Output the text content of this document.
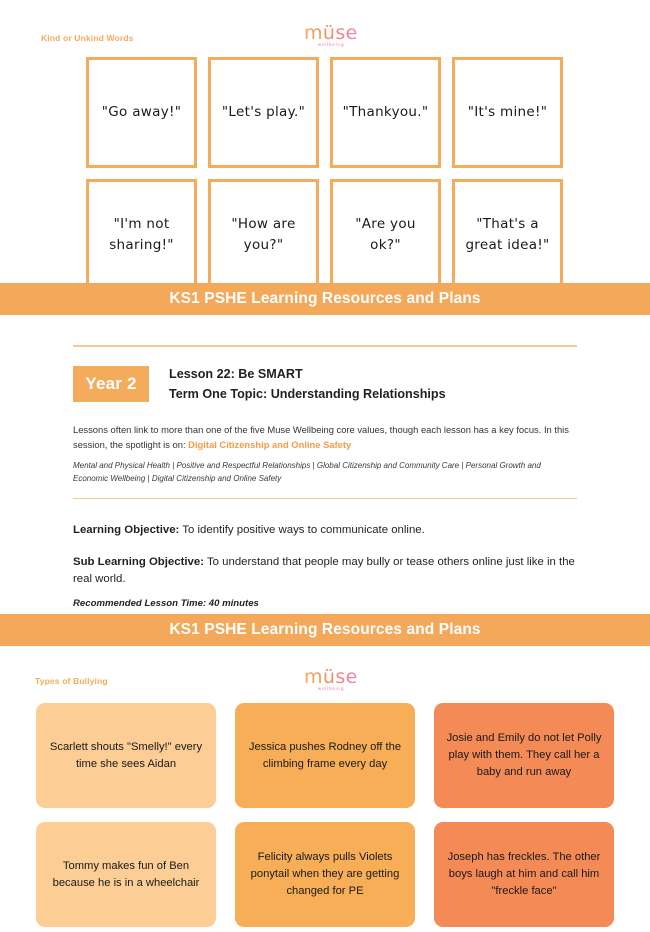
Kind or Unkind Words	müse
wellbeing
"Go away!"	"Let's play."	"Thankyou."	"It's mine!"
"I'm not sharing!"
"How are you?"
"Are you ok?"
"That's a great idea!"
KS1 PSHE Learning Resources and Plans
Year 2
Lesson 22: Be SMART
Term One Topic: Understanding Relationships
Lessons often link to more than one of the five Muse Wellbeing core values, though each lesson has a key focus. In this session, the spotlight is on: Digital Citizenship and Online Safety
Mental and Physical Health | Positive and Respectful Relationships | Global Citizenship and Community Care | Personal Growth and Economic Wellbeing | Digital Citizenship and Online Safety
Learning Objective: To identify positive ways to communicate online.
Sub Learning Objective: To understand that people may bully or tease others online just like in the real world.
Recommended Lesson Time: 40 minutes
KS1 PSHE Learning Resources and Plans
Types of Bullying	müse
wellbeing
Scarlett shouts "Smelly!" every time she sees Aidan
Jessica pushes Rodney off the climbing frame every day
Josie and Emily do not let Polly play with them. They call her a baby and run away
Tommy makes fun of Ben because he is in a wheelchair
Felicity always pulls Violets ponytail when they are getting changed for PE
Joseph has freckles. The other boys laugh at him and call him "freckle face"
